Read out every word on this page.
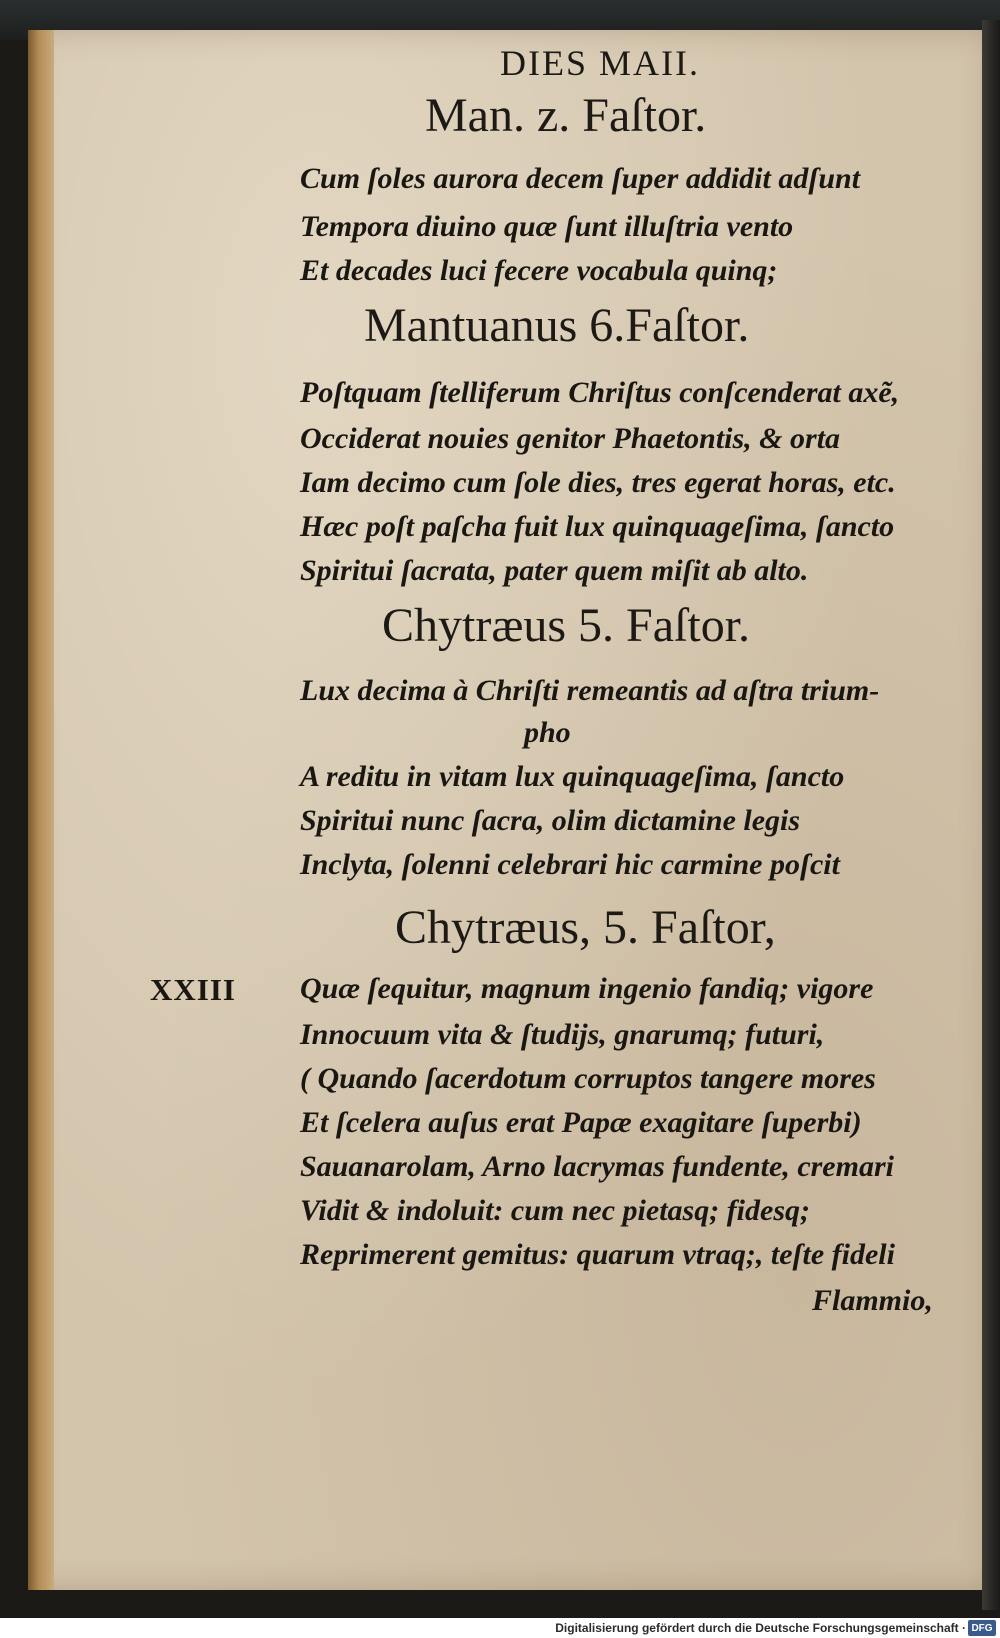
DIES MAII.
Man. z. Faſtor.
Cum ſoles aurora decem ſuper addidit adſunt
Tempora diuino quæ ſunt illuſtria vento
Et decades luci fecere vocabula quinq;
Mantuanus 6.Faſtor.
Poſtquam ſtelliferum Chriſtus conſcenderat axẽ,
Occiderat nouies genitor Phaetontis, & orta
Iam decimo cum ſole dies, tres egerat horas, etc.
Hæc poſt paſcha fuit lux quinquageſima, ſancto
Spiritui ſacrata, pater quem miſit ab alto.
Chytræus 5. Faſtor.
Lux decima à Chriſti remeantis ad aſtra trium-
pho
A reditu in vitam lux quinquageſima, ſancto
Spiritui nunc ſacra, olim dictamine legis
Inclyta, ſolenni celebrari hic carmine poſcit
Chytræus, 5. Faſtor,
XXIII Quæ ſequitur, magnum ingenio fandiq; vigore
Innocuum vita & ſtudijs, gnarumq; futuri,
( Quando ſacerdotum corruptos tangere mores
Et ſcelera auſus erat Papæ exagitare ſuperbi)
Sauanarolam, Arno lacrymas fundente, cremari
Vidit & indoluit: cum nec pietasq; fidesq;
Reprimerent gemitus: quarum vtraq;, teſte fideli
Flammio,
Digitalisierung gefördert durch die Deutsche Forschungsgemeinschaft · DFG
